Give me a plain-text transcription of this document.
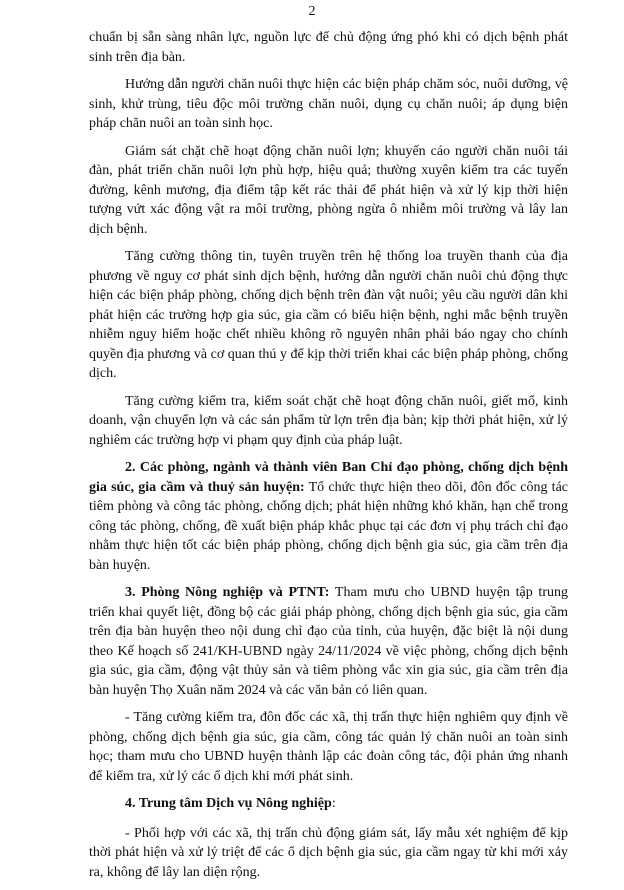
2

chuẩn bị sẵn sàng nhân lực, nguồn lực để chủ động ứng phó khi có dịch bệnh phát sinh trên địa bàn.

Hướng dẫn người chăn nuôi thực hiện các biện pháp chăm sóc, nuôi dưỡng, vệ sinh, khử trùng, tiêu độc môi trường chăn nuôi, dụng cụ chăn nuôi; áp dụng biện pháp chăn nuôi an toàn sinh học.

Giám sát chặt chẽ hoạt động chăn nuôi lợn; khuyến cáo người chăn nuôi tái đàn, phát triển chăn nuôi lợn phù hợp, hiệu quả; thường xuyên kiểm tra các tuyến đường, kênh mương, địa điểm tập kết rác thải để phát hiện và xử lý kịp thời hiện tượng vứt xác động vật ra môi trường, phòng ngừa ô nhiễm môi trường và lây lan dịch bệnh.

Tăng cường thông tin, tuyên truyền trên hệ thống loa truyền thanh của địa phương về nguy cơ phát sinh dịch bệnh, hướng dẫn người chăn nuôi chủ động thực hiện các biện pháp phòng, chống dịch bệnh trên đàn vật nuôi; yêu cầu người dân khi phát hiện các trường hợp gia súc, gia cầm có biểu hiện bệnh, nghi mắc bệnh truyền nhiễm nguy hiểm hoặc chết nhiều không rõ nguyên nhân phải báo ngay cho chính quyền địa phương và cơ quan thú y để kịp thời triển khai các biện pháp phòng, chống dịch.

Tăng cường kiểm tra, kiểm soát chặt chẽ hoạt động chăn nuôi, giết mổ, kinh doanh, vận chuyển lợn và các sản phẩm từ lợn trên địa bàn; kịp thời phát hiện, xử lý nghiêm các trường hợp vi phạm quy định của pháp luật.

2. Các phòng, ngành và thành viên Ban Chỉ đạo phòng, chống dịch bệnh gia súc, gia cầm và thuỷ sản huyện: Tổ chức thực hiện theo dõi, đôn đốc công tác tiêm phòng và công tác phòng, chống dịch; phát hiện những khó khăn, hạn chế trong công tác phòng, chống, đề xuất biện pháp khắc phục tại các đơn vị phụ trách chỉ đạo nhằm thực hiện tốt các biện pháp phòng, chống dịch bệnh gia súc, gia cầm trên địa bàn huyện.

3. Phòng Nông nghiệp và PTNT: Tham mưu cho UBND huyện tập trung triển khai quyết liệt, đồng bộ các giải pháp phòng, chống dịch bệnh gia súc, gia cầm trên địa bàn huyện theo nội dung chỉ đạo của tỉnh, của huyện, đặc biệt là nội dung theo Kế hoạch số 241/KH-UBND ngày 24/11/2024 về việc phòng, chống dịch bệnh gia súc, gia cầm, động vật thủy sản và tiêm phòng vắc xin gia súc, gia cầm trên địa bàn huyện Thọ Xuân năm 2024 và các văn bản có liên quan.

- Tăng cường kiểm tra, đôn đốc các xã, thị trấn thực hiện nghiêm quy định về phòng, chống dịch bệnh gia súc, gia cầm, công tác quản lý chăn nuôi an toàn sinh học; tham mưu cho UBND huyện thành lập các đoàn công tác, đội phản ứng nhanh để kiểm tra, xử lý các ổ dịch khi mới phát sinh.

4. Trung tâm Dịch vụ Nông nghiệp:

- Phối hợp với các xã, thị trấn chủ động giám sát, lấy mẫu xét nghiệm để kịp thời phát hiện và xử lý triệt để các ổ dịch bệnh gia súc, gia cầm ngay từ khi mới xảy ra, không để lây lan diện rộng.
